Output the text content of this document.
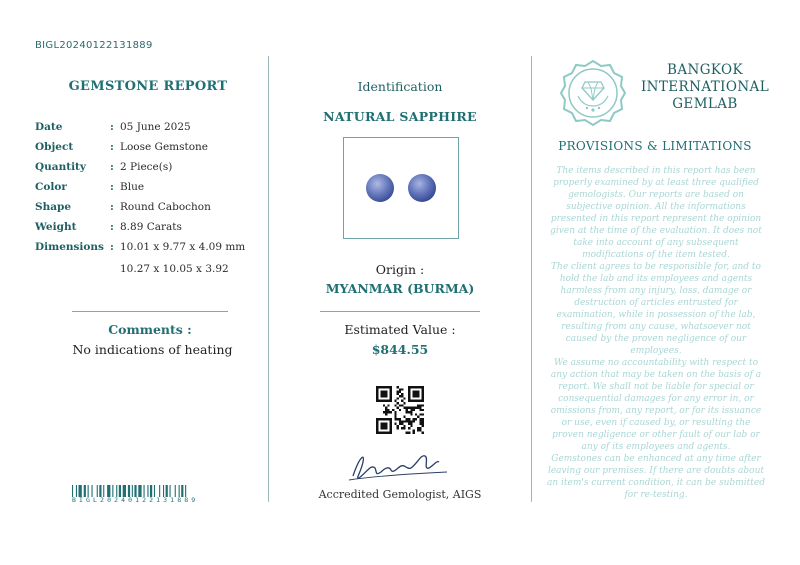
BIGL20240122131889
GEMSTONE REPORT
Date	: 05 June 2025
Object	: Loose Gemstone
Quantity	: 2 Piece(s)
Color	: Blue
Shape	: Round Cabochon
Weight	: 8.89 Carats
Dimensions : 10.01 x 9.77 x 4.09 mm
10.27 x 10.05 x 3.92
Comments :
No indications of heating
BIGL20240122131889
Identification
NATURAL SAPPHIRE
Origin :
MYANMAR (BURMA)
Estimated Value :
$844.55
Accredited Gemologist, AIGS
BANGKOK
INTERNATIONAL
GEMLAB
PROVISIONS & LIMITATIONS
The items described in this report has been properly examined by at least three qualified gemologists. Our reports are based on subjective opinion. All the informations presented in this report represent the opinion given at the time of the evaluation. It does not take into account of any subsequent modifications of the item tested.
The client agrees to be responsible for, and to hold the lab and its employees and agents harmless from any injury, loss, damage or destruction of articles entrusted for examination, while in possession of the lab, resulting from any cause, whatsoever not caused by the proven negligence of our employees.
We assume no accountability with respect to any action that may be taken on the basis of a report. We shall not be liable for special or consequential damages for any error in, or omissions from, any report, or for its issuance or use, even if caused by, or resulting the proven negligence or other fault of our lab or any of its employees and agents.
Gemstones can be enhanced at any time after leaving our premises. If there are doubts about an item's current condition, it can be submitted for re-testing.
